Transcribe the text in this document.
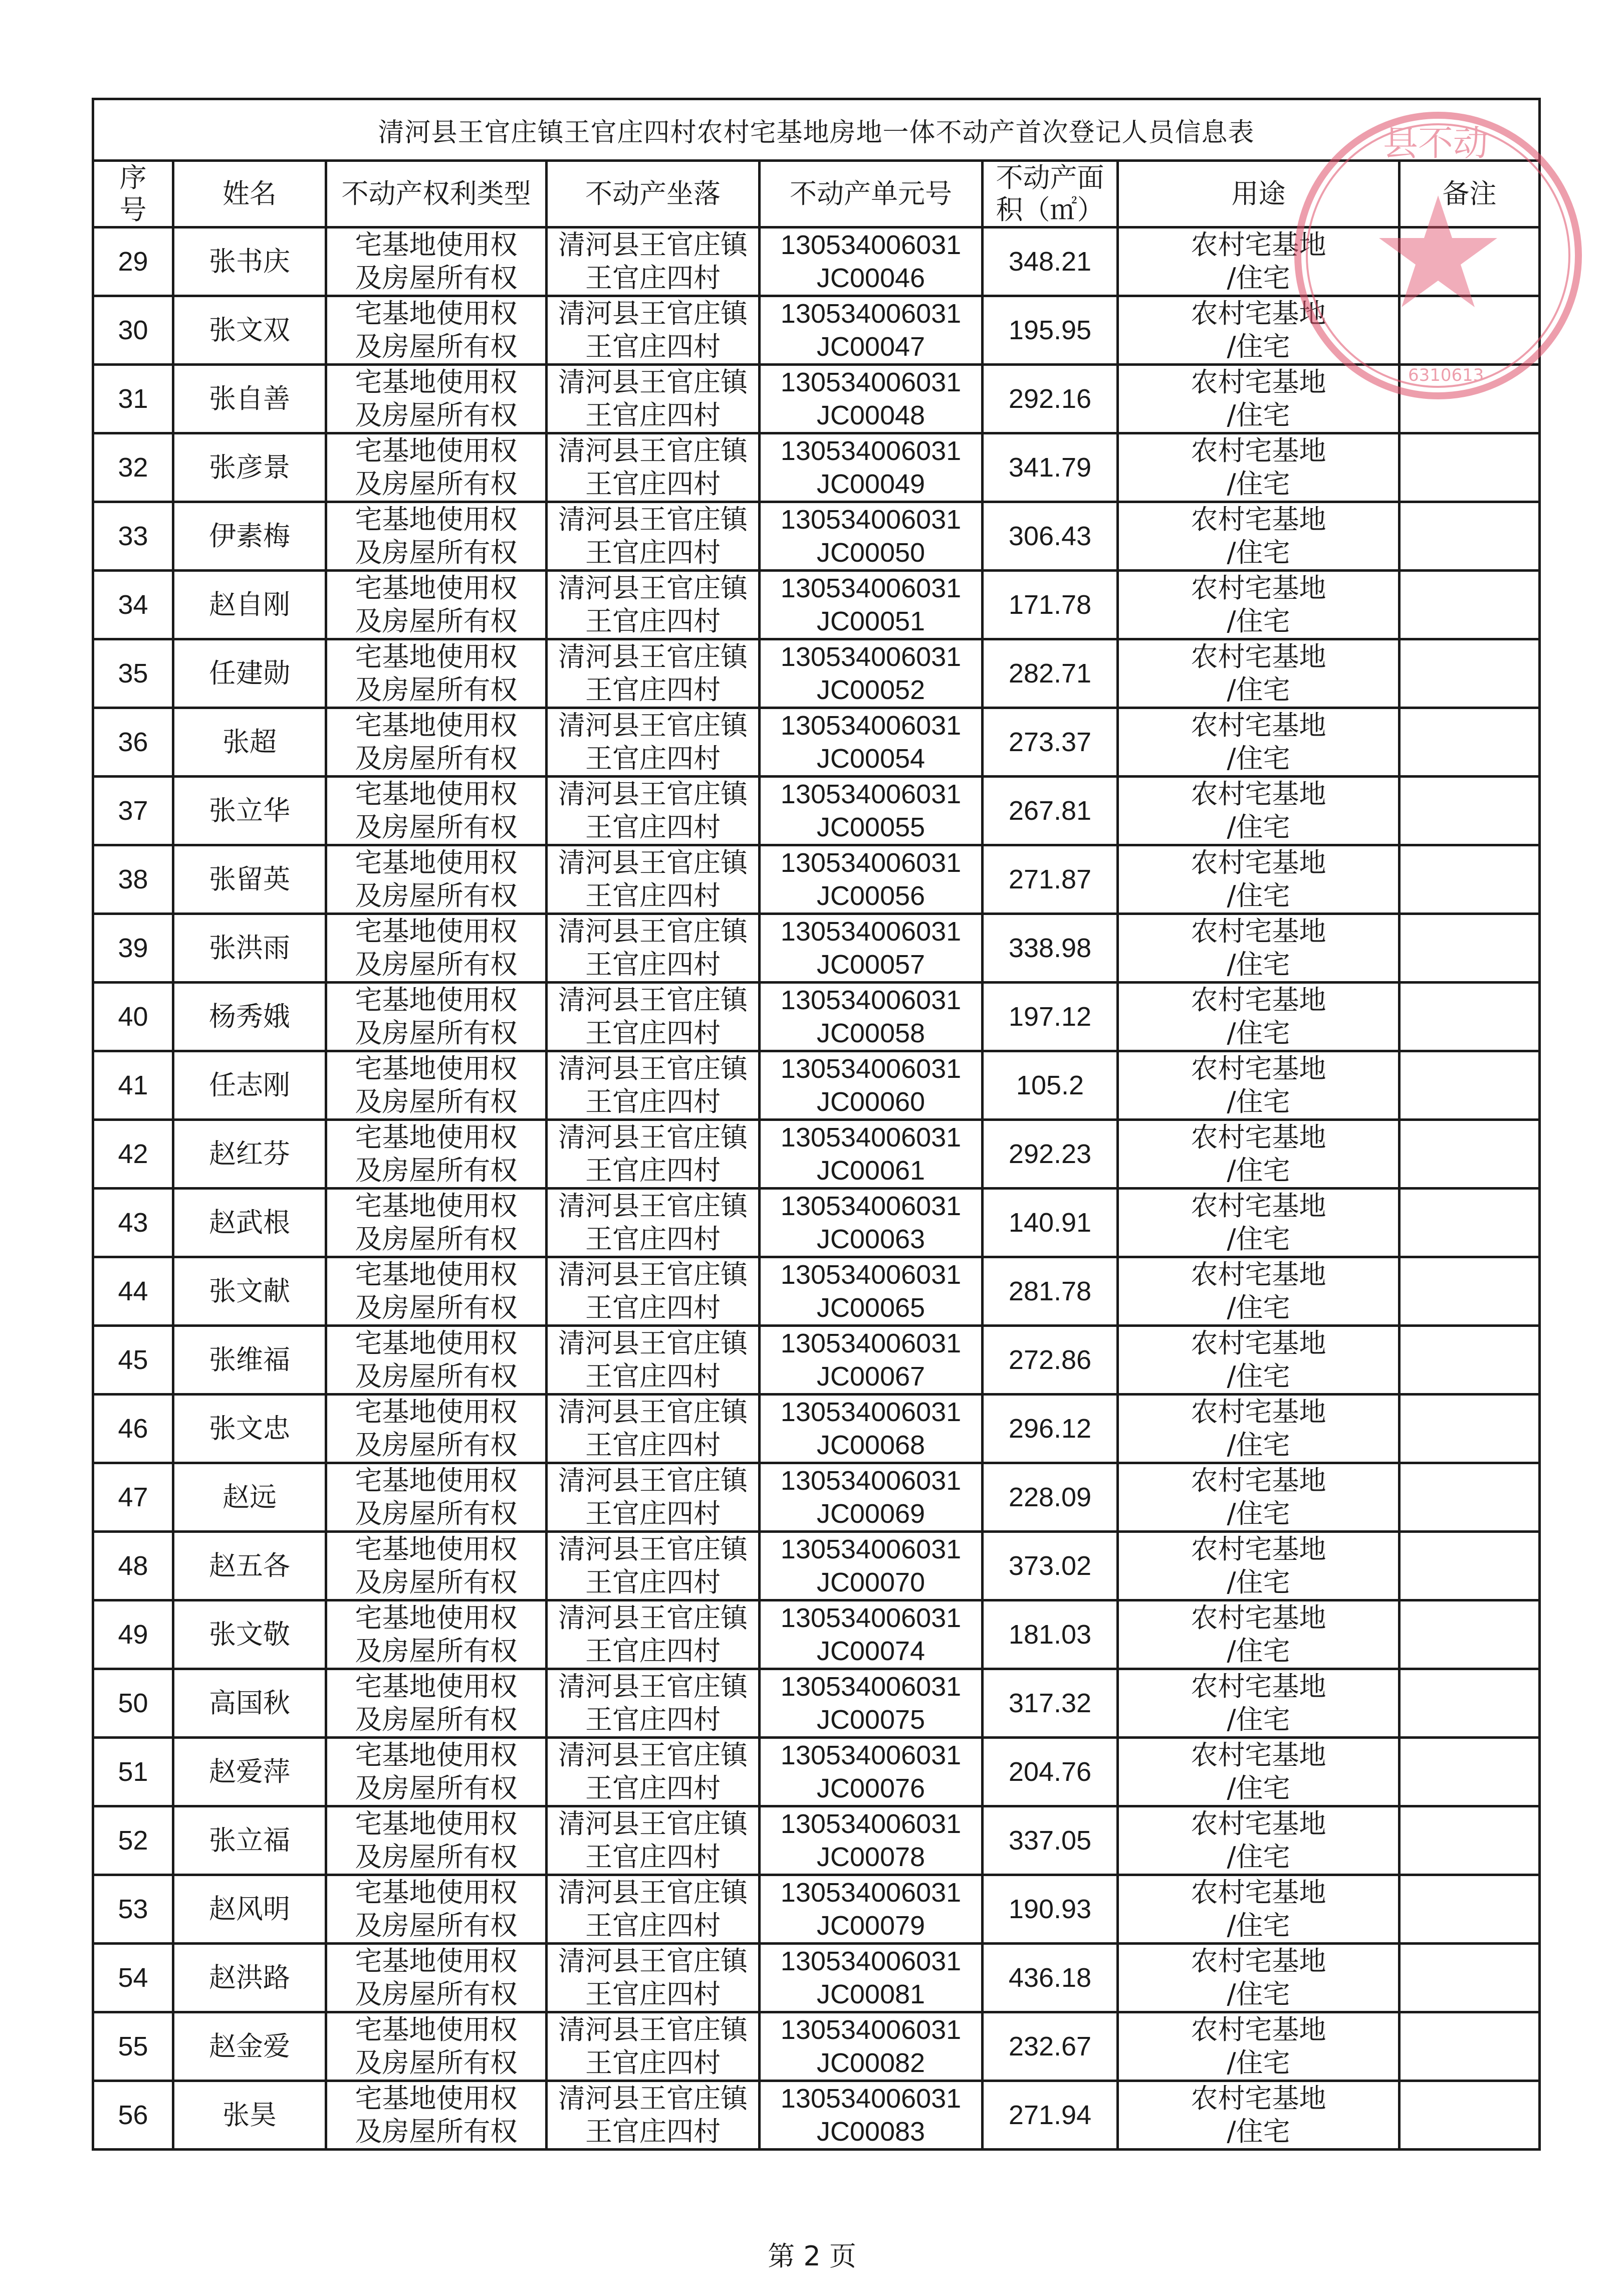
清河县王官庄镇王官庄四村农村宅基地房地一体不动产首次登记人员信息表							

序
号	姓名	不动产权利类型	不动产坐落	不动产单元号	不动产面
积（㎡）	用途	备注
29	张书庆	宅基地使用权
及房屋所有权	清河县王官庄镇
王官庄四村	130534006031
JC00046	348.21	农村宅基地
/住宅	

30	张文双	宅基地使用权
及房屋所有权	清河县王官庄镇
王官庄四村	130534006031
JC00047	195.95	农村宅基地
/住宅	

31	张自善	宅基地使用权
及房屋所有权	清河县王官庄镇
王官庄四村	130534006031
JC00048	292.16	农村宅基地
/住宅	

32	张彦景	宅基地使用权
及房屋所有权	清河县王官庄镇
王官庄四村	130534006031
JC00049	341.79	农村宅基地
/住宅	

33	伊素梅	宅基地使用权
及房屋所有权	清河县王官庄镇
王官庄四村	130534006031
JC00050	306.43	农村宅基地
/住宅	

34	赵自刚	宅基地使用权
及房屋所有权	清河县王官庄镇
王官庄四村	130534006031
JC00051	171.78	农村宅基地
/住宅	

35	任建勋	宅基地使用权
及房屋所有权	清河县王官庄镇
王官庄四村	130534006031
JC00052	282.71	农村宅基地
/住宅	

36	张超	宅基地使用权
及房屋所有权	清河县王官庄镇
王官庄四村	130534006031
JC00054	273.37	农村宅基地
/住宅	

37	张立华	宅基地使用权
及房屋所有权	清河县王官庄镇
王官庄四村	130534006031
JC00055	267.81	农村宅基地
/住宅	

38	张留英	宅基地使用权
及房屋所有权	清河县王官庄镇
王官庄四村	130534006031
JC00056	271.87	农村宅基地
/住宅	

39	张洪雨	宅基地使用权
及房屋所有权	清河县王官庄镇
王官庄四村	130534006031
JC00057	338.98	农村宅基地
/住宅	

40	杨秀娥	宅基地使用权
及房屋所有权	清河县王官庄镇
王官庄四村	130534006031
JC00058	197.12	农村宅基地
/住宅	

41	任志刚	宅基地使用权
及房屋所有权	清河县王官庄镇
王官庄四村	130534006031
JC00060	105.2	农村宅基地
/住宅	

42	赵红芬	宅基地使用权
及房屋所有权	清河县王官庄镇
王官庄四村	130534006031
JC00061	292.23	农村宅基地
/住宅	

43	赵武根	宅基地使用权
及房屋所有权	清河县王官庄镇
王官庄四村	130534006031
JC00063	140.91	农村宅基地
/住宅	

44	张文献	宅基地使用权
及房屋所有权	清河县王官庄镇
王官庄四村	130534006031
JC00065	281.78	农村宅基地
/住宅	

45	张维福	宅基地使用权
及房屋所有权	清河县王官庄镇
王官庄四村	130534006031
JC00067	272.86	农村宅基地
/住宅	

46	张文忠	宅基地使用权
及房屋所有权	清河县王官庄镇
王官庄四村	130534006031
JC00068	296.12	农村宅基地
/住宅	

47	赵远	宅基地使用权
及房屋所有权	清河县王官庄镇
王官庄四村	130534006031
JC00069	228.09	农村宅基地
/住宅	

48	赵五各	宅基地使用权
及房屋所有权	清河县王官庄镇
王官庄四村	130534006031
JC00070	373.02	农村宅基地
/住宅	

49	张文敬	宅基地使用权
及房屋所有权	清河县王官庄镇
王官庄四村	130534006031
JC00074	181.03	农村宅基地
/住宅	

50	高国秋	宅基地使用权
及房屋所有权	清河县王官庄镇
王官庄四村	130534006031
JC00075	317.32	农村宅基地
/住宅	

51	赵爱萍	宅基地使用权
及房屋所有权	清河县王官庄镇
王官庄四村	130534006031
JC00076	204.76	农村宅基地
/住宅	

52	张立福	宅基地使用权
及房屋所有权	清河县王官庄镇
王官庄四村	130534006031
JC00078	337.05	农村宅基地
/住宅	

53	赵风明	宅基地使用权
及房屋所有权	清河县王官庄镇
王官庄四村	130534006031
JC00079	190.93	农村宅基地
/住宅	

54	赵洪路	宅基地使用权
及房屋所有权	清河县王官庄镇
王官庄四村	130534006031
JC00081	436.18	农村宅基地
/住宅	

55	赵金爱	宅基地使用权
及房屋所有权	清河县王官庄镇
王官庄四村	130534006031
JC00082	232.67	农村宅基地
/住宅	

56	张昊	宅基地使用权
及房屋所有权	清河县王官庄镇
王官庄四村	130534006031
JC00083	271.94	农村宅基地
/住宅	

县不动
6310613
第 2 页
